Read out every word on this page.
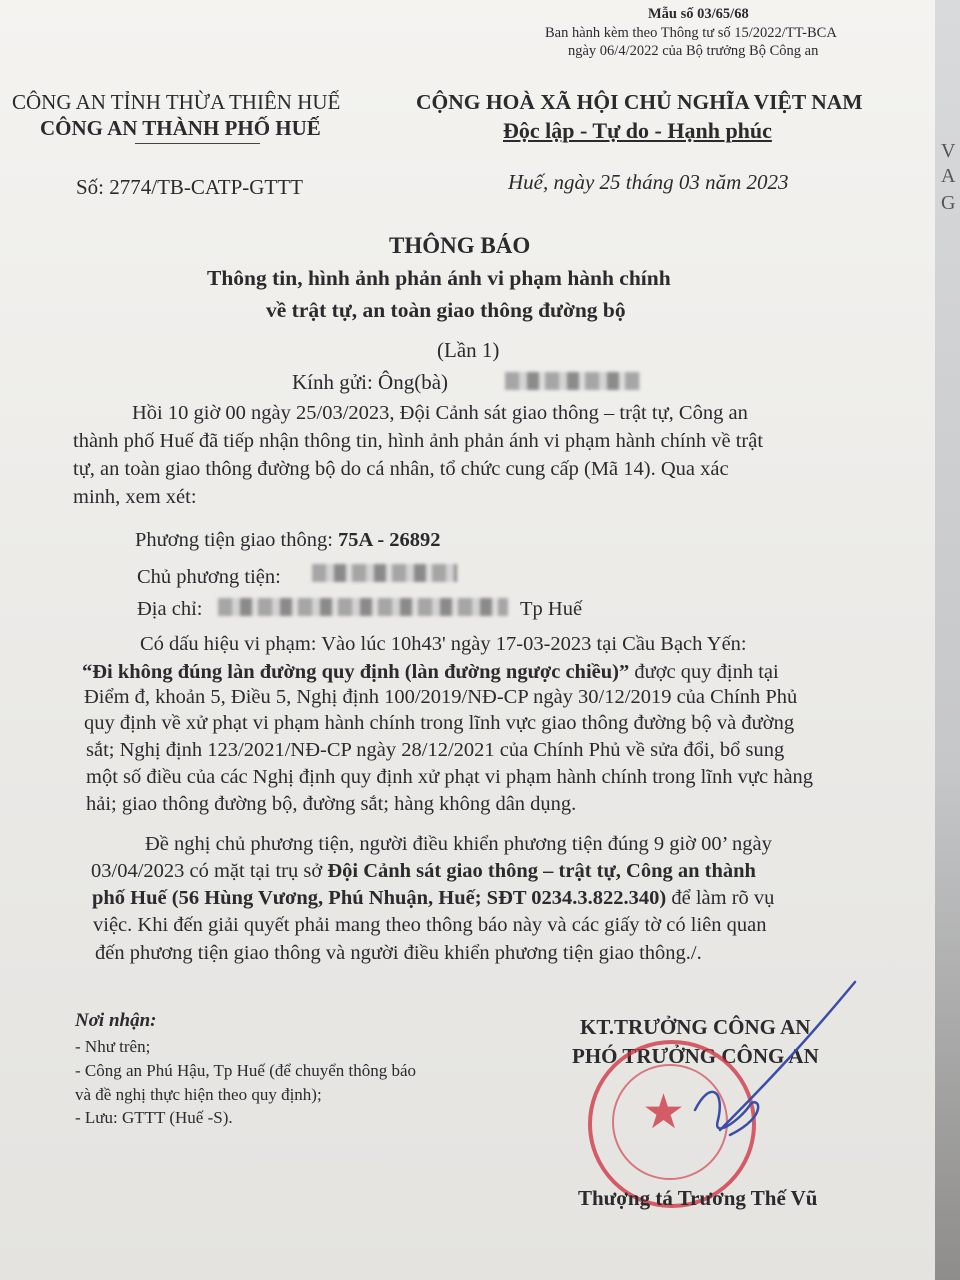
Mẫu số 03/65/68
Ban hành kèm theo Thông tư số 15/2022/TT-BCA
ngày 06/4/2022 của Bộ trưởng Bộ Công an
CÔNG AN TỈNH THỪA THIÊN HUẾ
CÔNG AN THÀNH PHỐ HUẾ
Số: 2774/TB-CATP-GTTT
CỘNG HOÀ XÃ HỘI CHỦ NGHĨA VIỆT NAM
Độc lập - Tự do - Hạnh phúc
Huế, ngày 25 tháng 03 năm 2023
THÔNG BÁO
Thông tin, hình ảnh phản ánh vi phạm hành chính
về trật tự, an toàn giao thông đường bộ
(Lần 1)
Kính gửi: Ông(bà)
Hồi 10 giờ 00 ngày 25/03/2023, Đội Cảnh sát giao thông – trật tự, Công an
thành phố Huế đã tiếp nhận thông tin, hình ảnh phản ánh vi phạm hành chính về trật
tự, an toàn giao thông đường bộ do cá nhân, tổ chức cung cấp (Mã 14). Qua xác
minh, xem xét:
Phương tiện giao thông: 75A - 26892
Chủ phương tiện:
Địa chỉ:	Tp Huế
Có dấu hiệu vi phạm: Vào lúc 10h43' ngày 17-03-2023 tại Cầu Bạch Yến:
“Đi không đúng làn đường quy định (làn đường ngược chiều)” được quy định tại
Điểm đ, khoản 5, Điều 5, Nghị định 100/2019/NĐ-CP ngày 30/12/2019 của Chính Phủ
quy định về xử phạt vi phạm hành chính trong lĩnh vực giao thông đường bộ và đường
sắt; Nghị định 123/2021/NĐ-CP ngày 28/12/2021 của Chính Phủ về sửa đổi, bổ sung
một số điều của các Nghị định quy định xử phạt vi phạm hành chính trong lĩnh vực hàng
hải; giao thông đường bộ, đường sắt; hàng không dân dụng.
Đề nghị chủ phương tiện, người điều khiển phương tiện đúng 9 giờ 00’ ngày
03/04/2023 có mặt tại trụ sở Đội Cảnh sát giao thông – trật tự, Công an thành
phố Huế (56 Hùng Vương, Phú Nhuận, Huế; SĐT 0234.3.822.340) để làm rõ vụ
việc. Khi đến giải quyết phải mang theo thông báo này và các giấy tờ có liên quan
đến phương tiện giao thông và người điều khiển phương tiện giao thông./.
Nơi nhận:
- Như trên;
- Công an Phú Hậu, Tp Huế (để chuyển thông báo
và đề nghị thực hiện theo quy định);
- Lưu: GTTT (Huế -S).
KT.TRƯỞNG CÔNG AN
PHÓ TRƯỞNG CÔNG AN
★
Thượng tá Trương Thế Vũ
V
A
G
